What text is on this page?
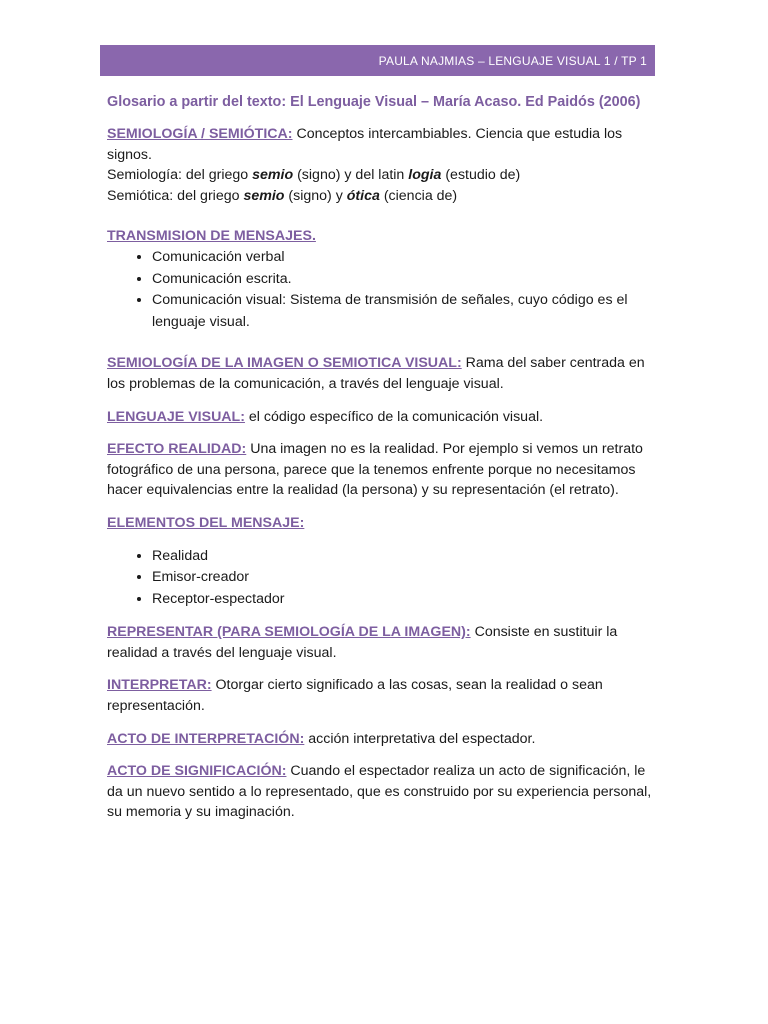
PAULA NAJMIAS – LENGUAJE VISUAL 1 / TP 1
Glosario a partir del texto: El Lenguaje Visual – María Acaso. Ed Paidós (2006)

SEMIOLOGÍA / SEMIÓTICA: Conceptos intercambiables. Ciencia que estudia los signos.

Semiología: del griego semio (signo) y del latin logia (estudio de)

Semiótica: del griego semio (signo) y ótica (ciencia de)

TRANSMISION DE MENSAJES.

• Comunicación verbal
• Comunicación escrita.
• Comunicación visual: Sistema de transmisión de señales, cuyo código es el lenguaje visual.

SEMIOLOGÍA DE LA IMAGEN O SEMIOTICA VISUAL: Rama del saber centrada en los problemas de la comunicación, a través del lenguaje visual.

LENGUAJE VISUAL: el código específico de la comunicación visual.

EFECTO REALIDAD: Una imagen no es la realidad. Por ejemplo si vemos un retrato fotográfico de una persona, parece que la tenemos enfrente porque no necesitamos hacer equivalencias entre la realidad (la persona) y su representación (el retrato).

ELEMENTOS DEL MENSAJE:

• Realidad
• Emisor-creador
• Receptor-espectador

REPRESENTAR (PARA SEMIOLOGÍA DE LA IMAGEN): Consiste en sustituir la realidad a través del lenguaje visual.

INTERPRETAR: Otorgar cierto significado a las cosas, sean la realidad o sean representación.

ACTO DE INTERPRETACIÓN: acción interpretativa del espectador.

ACTO DE SIGNIFICACIÓN: Cuando el espectador realiza un acto de significación, le da un nuevo sentido a lo representado, que es construido por su experiencia personal, su memoria y su imaginación.
